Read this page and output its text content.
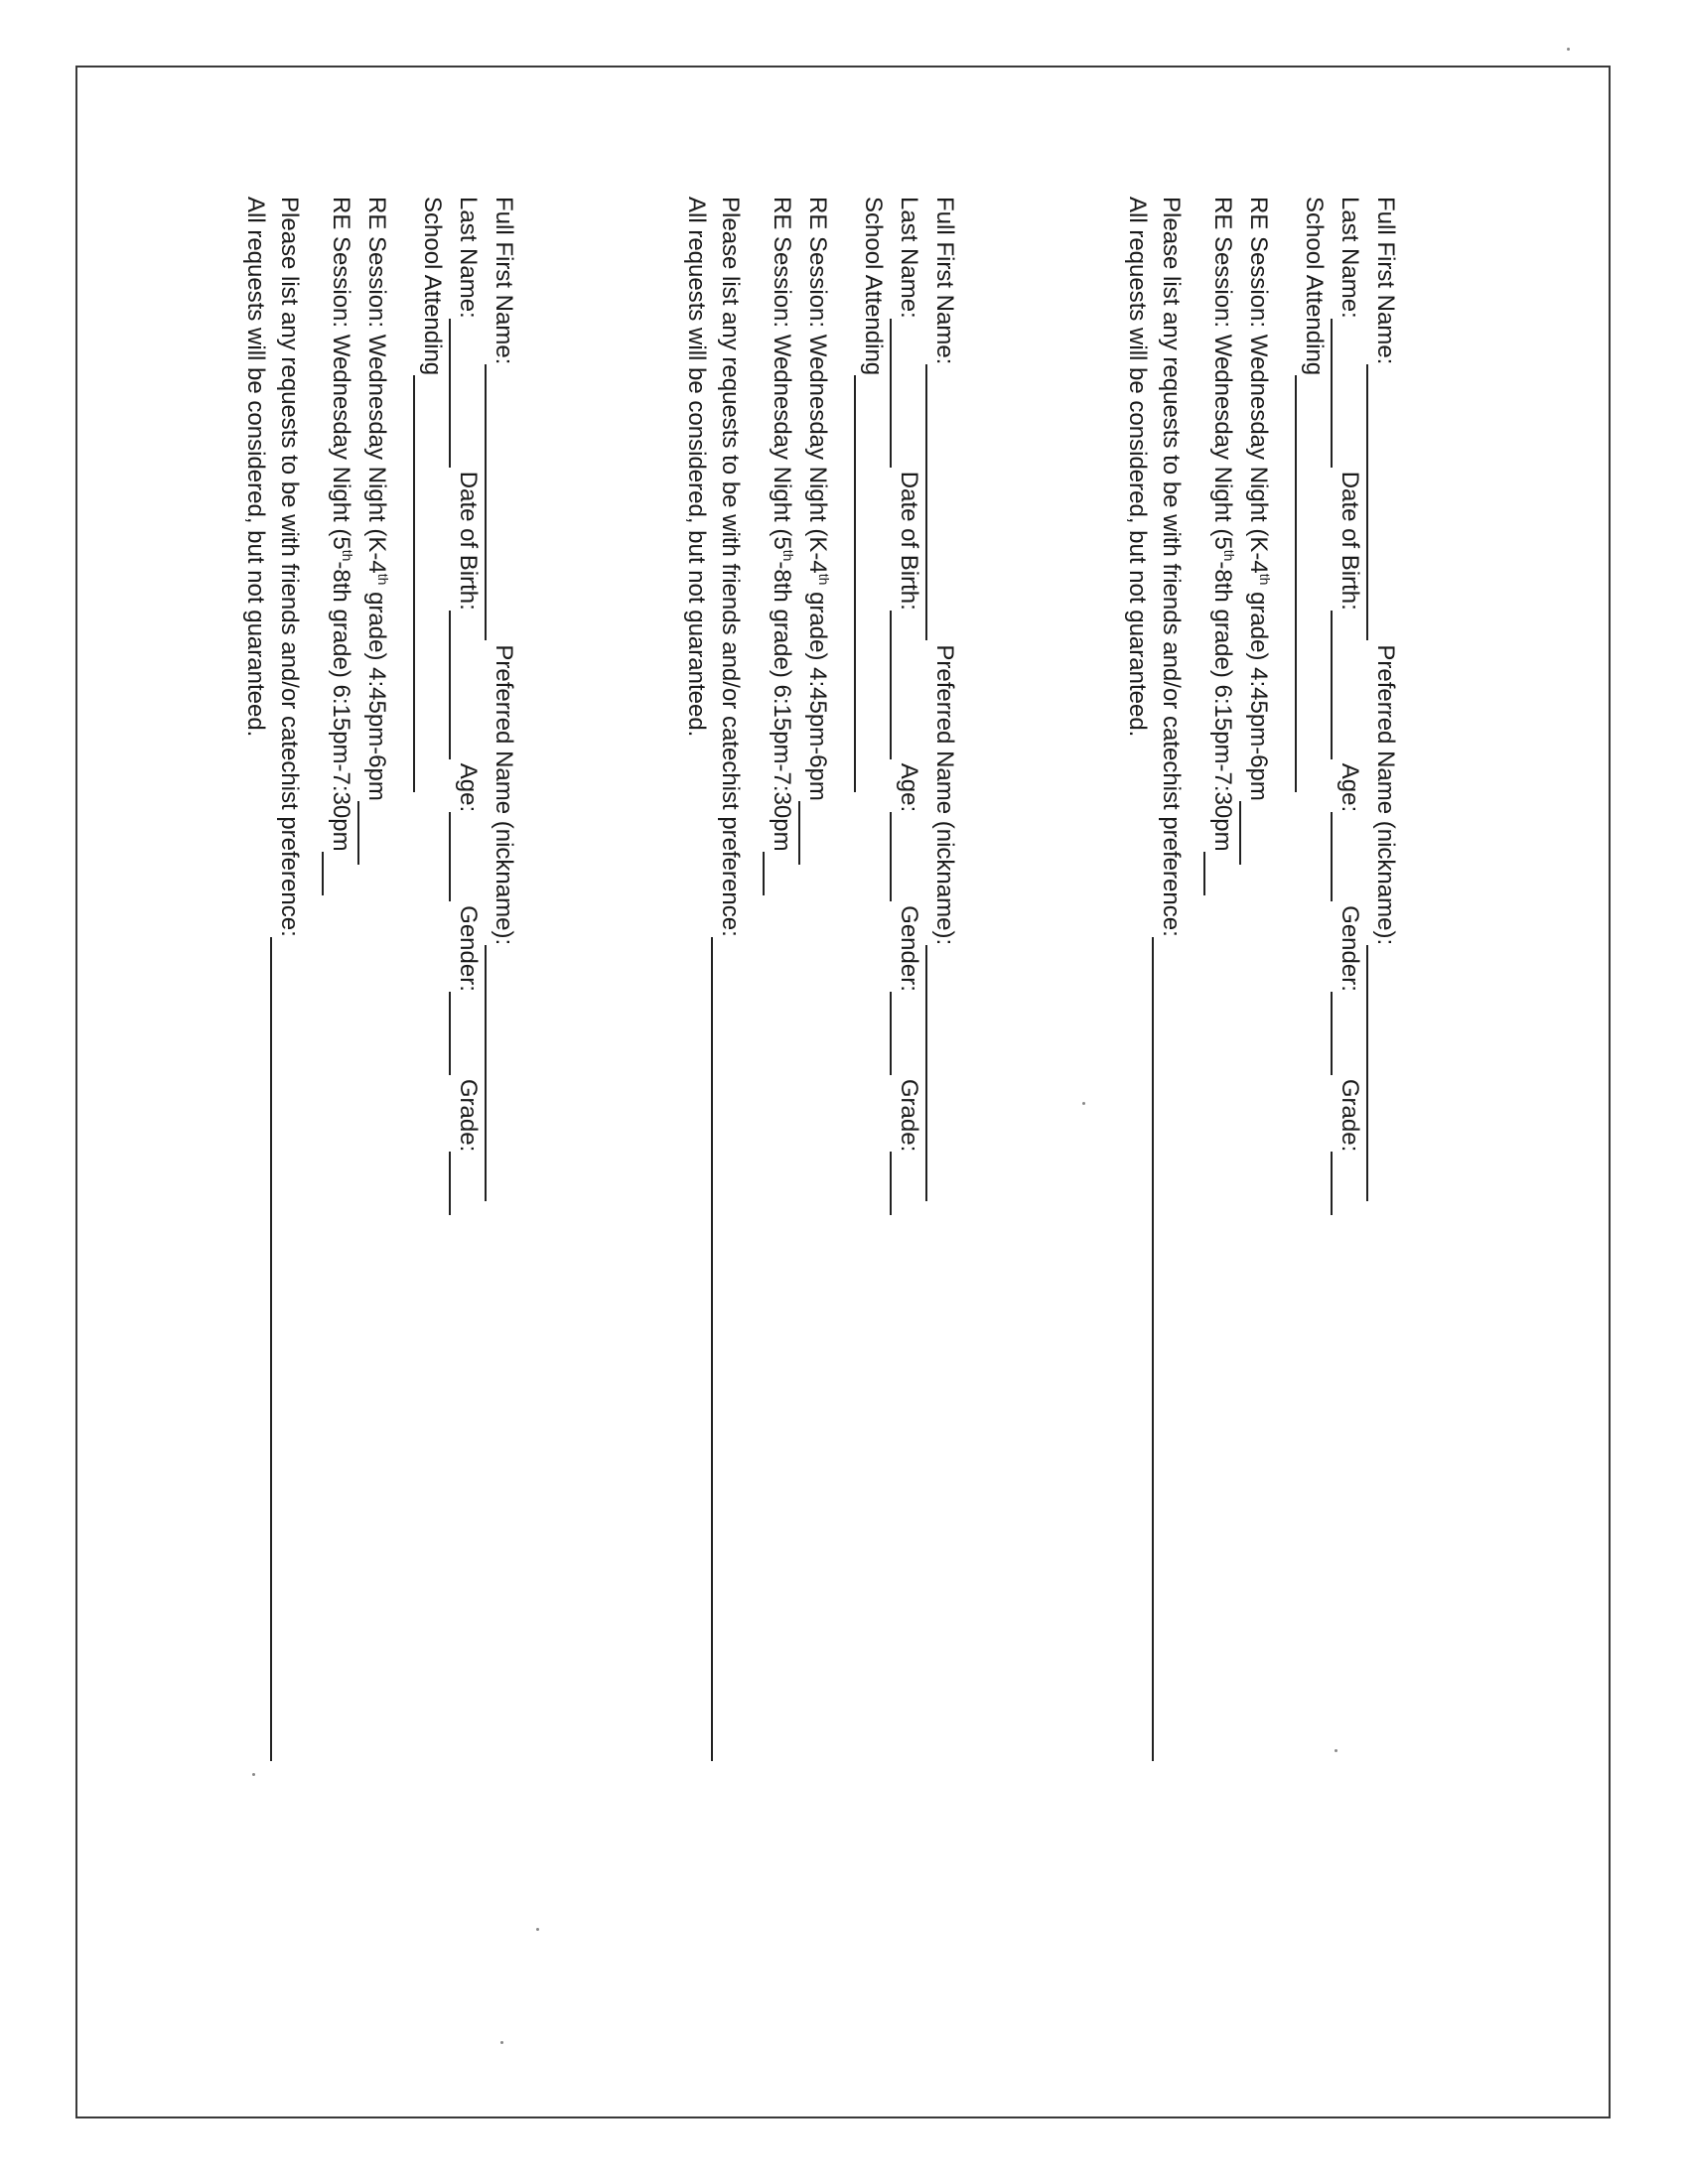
Full First Name:
Preferred Name (nickname):
Last Name:
Date of Birth:
Age:
Gender:
Grade:
School Attending
RE Session: Wednesday Night (K-4th grade) 4:45pm-6pm
RE Session: Wednesday Night (5th-8th grade) 6:15pm-7:30pm
Please list any requests to be with friends and/or catechist preference:
All requests will be considered, but not guaranteed.
Full First Name:
Preferred Name (nickname):
Last Name:
Date of Birth:
Age:
Gender:
Grade:
School Attending
RE Session: Wednesday Night (K-4th grade) 4:45pm-6pm
RE Session: Wednesday Night (5th-8th grade) 6:15pm-7:30pm
Please list any requests to be with friends and/or catechist preference:
All requests will be considered, but not guaranteed.
Full First Name:
Preferred Name (nickname):
Last Name:
Date of Birth:
Age:
Gender:
Grade:
School Attending
RE Session: Wednesday Night (K-4th grade) 4:45pm-6pm
RE Session: Wednesday Night (5th-8th grade) 6:15pm-7:30pm
Please list any requests to be with friends and/or catechist preference:
All requests will be considered, but not guaranteed.
